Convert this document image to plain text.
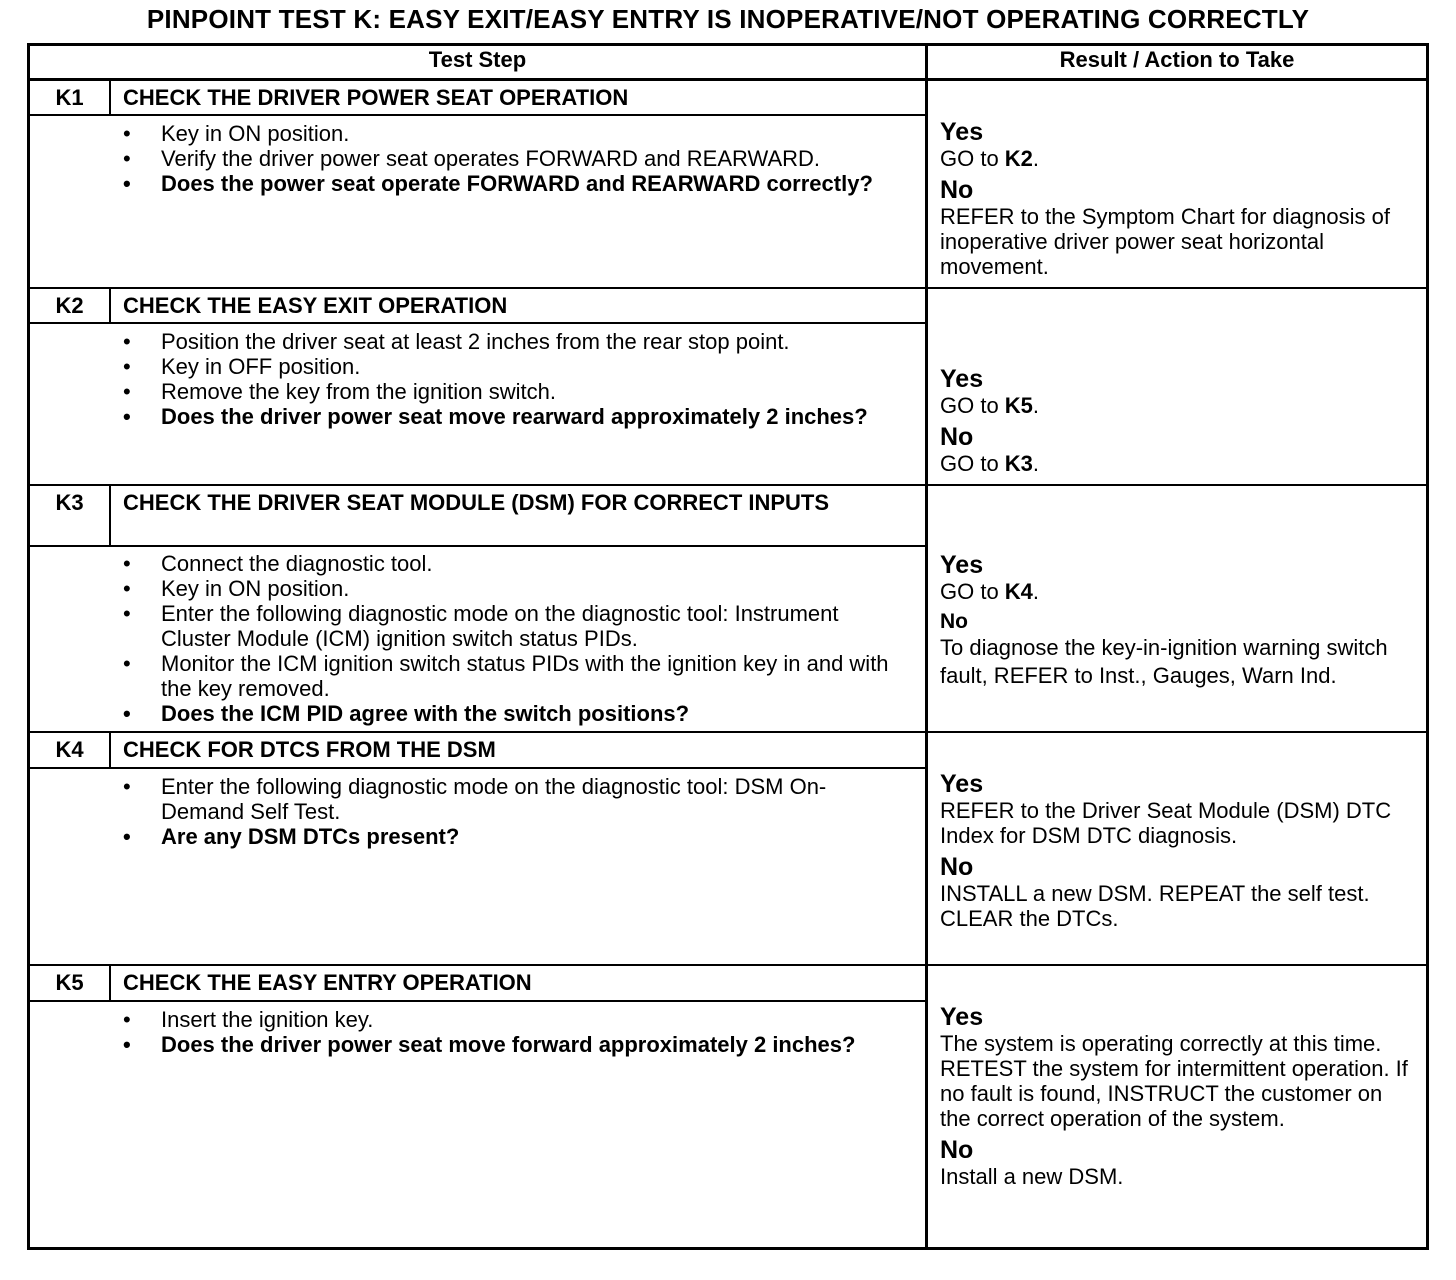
PINPOINT TEST K: EASY EXIT/EASY ENTRY IS INOPERATIVE/NOT OPERATING CORRECTLY
Test Step	Result / Action to Take
K1	CHECK THE DRIVER POWER SEAT OPERATION
• Key in ON position.
• Verify the driver power seat operates FORWARD and REARWARD.
• Does the power seat operate FORWARD and REARWARD correctly?
Yes
GO to K2.
No
REFER to the Symptom Chart for diagnosis of inoperative driver power seat horizontal movement.
K2	CHECK THE EASY EXIT OPERATION
• Position the driver seat at least 2 inches from the rear stop point.
• Key in OFF position.
• Remove the key from the ignition switch.
• Does the driver power seat move rearward approximately 2 inches?
Yes
GO to K5.
No
GO to K3.
K3	CHECK THE DRIVER SEAT MODULE (DSM) FOR CORRECT INPUTS
• Connect the diagnostic tool.
• Key in ON position.
• Enter the following diagnostic mode on the diagnostic tool: Instrument Cluster Module (ICM) ignition switch status PIDs.
• Monitor the ICM ignition switch status PIDs with the ignition key in and with the key removed.
• Does the ICM PID agree with the switch positions?
Yes
GO to K4.
No
To diagnose the key-in-ignition warning switch fault, REFER to Inst., Gauges, Warn Ind.
K4	CHECK FOR DTCS FROM THE DSM
• Enter the following diagnostic mode on the diagnostic tool: DSM On-Demand Self Test.
• Are any DSM DTCs present?
Yes
REFER to the Driver Seat Module (DSM) DTC Index for DSM DTC diagnosis.
No
INSTALL a new DSM. REPEAT the self test. CLEAR the DTCs.
K5	CHECK THE EASY ENTRY OPERATION
• Insert the ignition key.
• Does the driver power seat move forward approximately 2 inches?
Yes
The system is operating correctly at this time. RETEST the system for intermittent operation. If no fault is found, INSTRUCT the customer on the correct operation of the system.
No
Install a new DSM.
